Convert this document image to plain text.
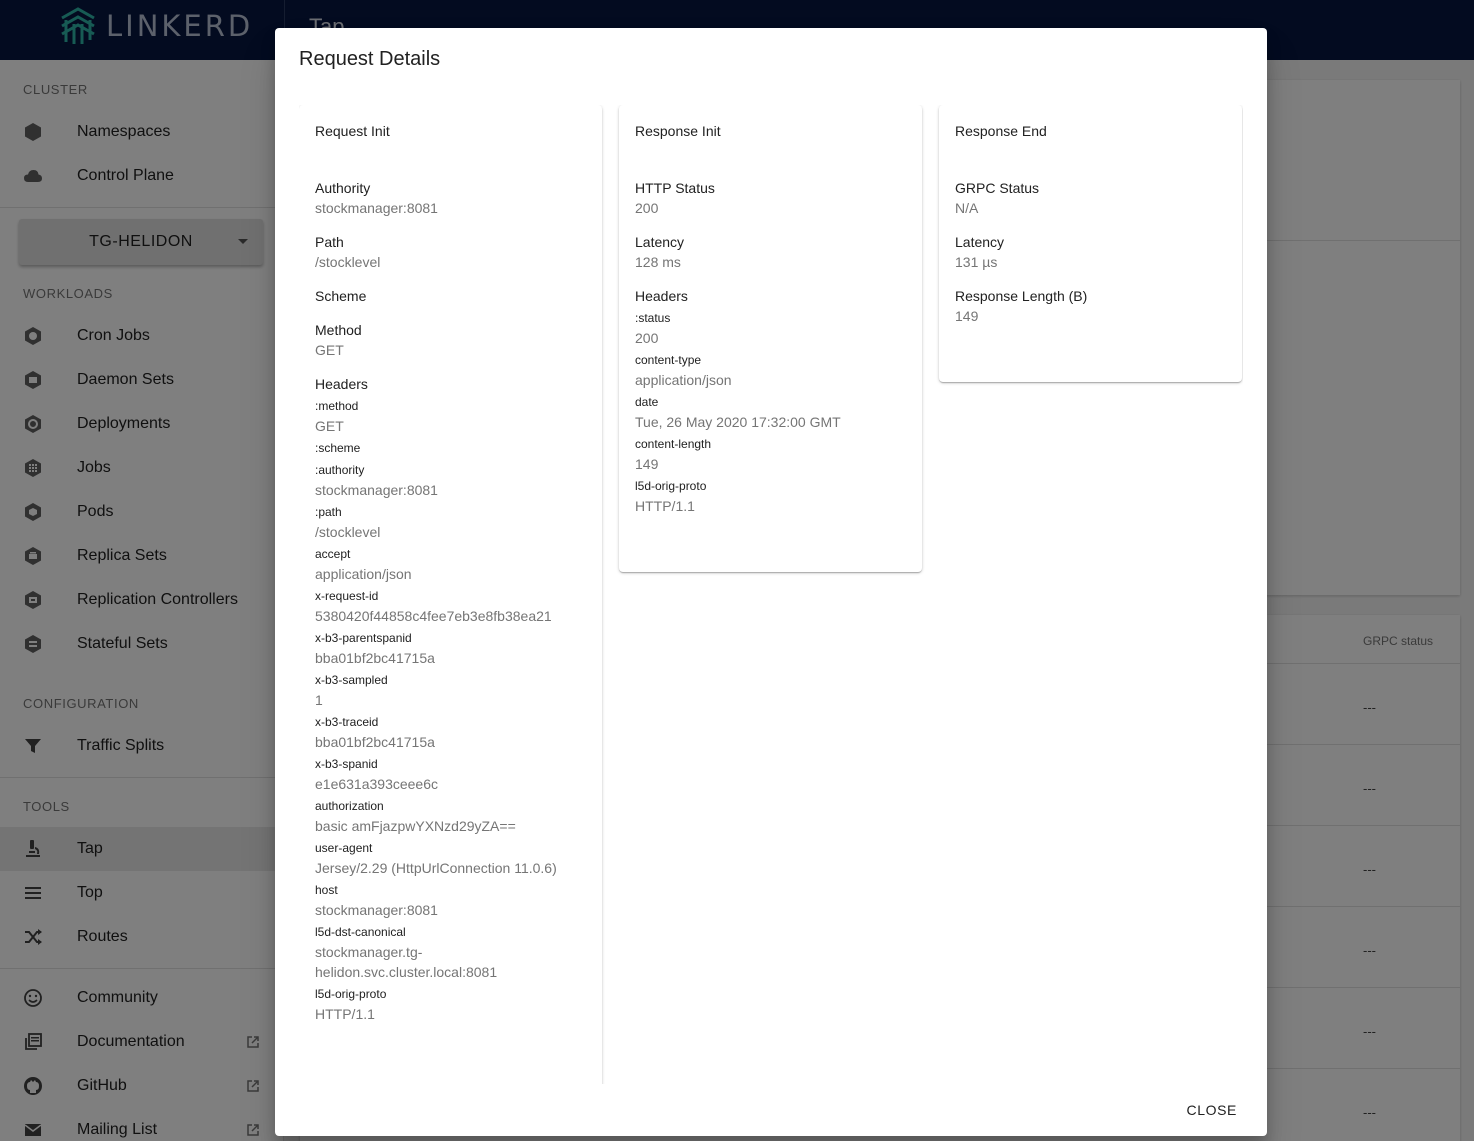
Request Details
Request Init
Authority
stockmanager:8081
Path
/stocklevel
Scheme
Method
GET
Headers
:method
GET
:scheme
:authority
stockmanager:8081
:path
/stocklevel
accept
application/json
x-request-id
5380420f44858c4fee7eb3e8fb38ea21
x-b3-parentspanid
bba01bf2bc41715a
x-b3-sampled
1
x-b3-traceid
bba01bf2bc41715a
x-b3-spanid
e1e631a393ceee6c
authorization
basic amFjazpwYXNzd29yZA==
user-agent
Jersey/2.29 (HttpUrlConnection 11.0.6)
host
stockmanager:8081
l5d-dst-canonical
stockmanager.tg-helidon.svc.cluster.local:8081
l5d-orig-proto
HTTP/1.1
Response Init
HTTP Status
200
Latency
128 ms
Headers
:status
200
content-type
application/json
date
Tue, 26 May 2020 17:32:00 GMT
content-length
149
l5d-orig-proto
HTTP/1.1
Response End
GRPC Status
N/A
Latency
131 µs
Response Length (B)
149
CLOSE
